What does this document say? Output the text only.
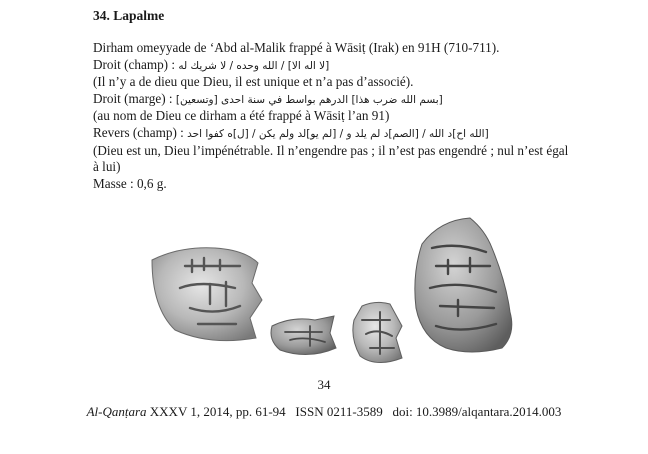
34. Lapalme
Dirham omeyyade de ‘Abd al-Malik frappé à Wāsiṭ (Irak) en 91H (710-711).
Droit (champ) : [لا اله الا] / الله وحده / لا شريك له
(Il n’y a de dieu que Dieu, il est unique et n’a pas d’associé).
Droit (marge) : [بسم الله ضرب هذا] الدرهم بواسط في سنة احدى [وتسعين]
(au nom de Dieu ce dirham a été frappé à Wāsiṭ l’an 91)
Revers (champ) : [الله اح]د الله / [الصم]د لم يلد و / [لم يو]لد ولم يكن / [ل]ه كفوا احد
(Dieu est un, Dieu l’impénétrable. Il n’engendre pas ; il n’est pas engendré ; nul n’est égal à lui)
Masse : 0,6 g.
34
Al-Qanṭara XXXV 1, 2014, pp. 61-94   ISSN 0211-3589   doi: 10.3989/alqantara.2014.003
